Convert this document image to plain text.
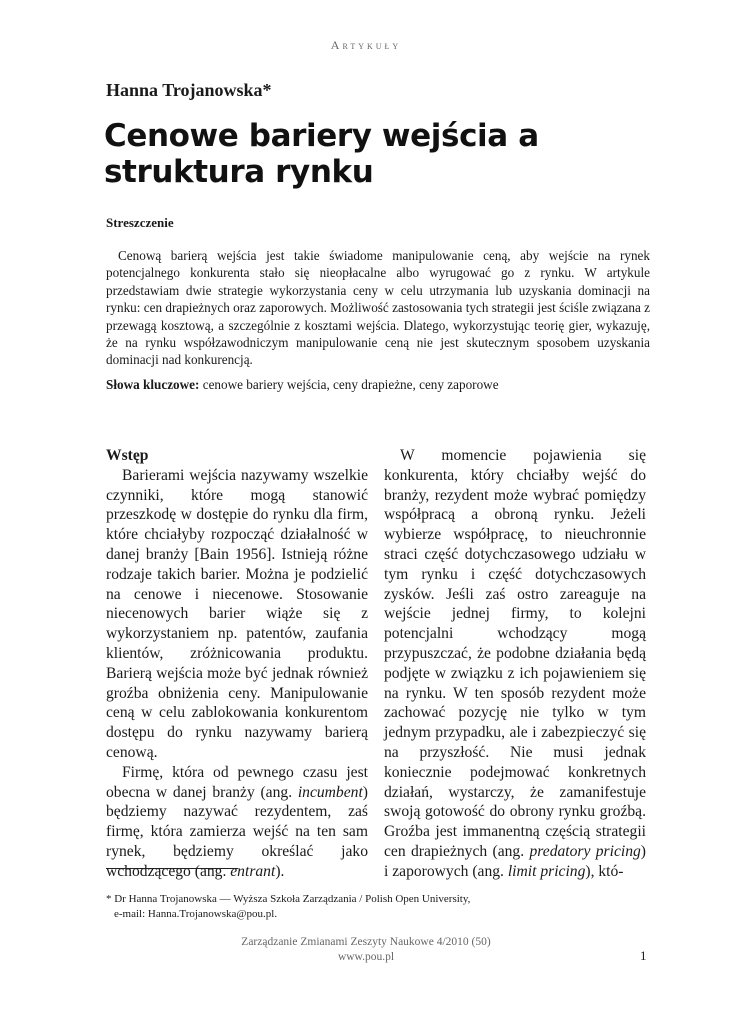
Artykuły
Hanna Trojanowska*
Cenowe bariery wejścia a struktura rynku
Streszczenie

Cenową barierą wejścia jest takie świadome manipulowanie ceną, aby wejście na rynek potencjalnego konkurenta stało się nieopłacalne albo wyrugować go z rynku. W artykule przedstawiam dwie strategie wykorzystania ceny w celu utrzymania lub uzyskania dominacji na rynku: cen drapieżnych oraz zaporowych. Możliwość zastosowania tych strategii jest ściśle związana z przewagą kosztową, a szczególnie z kosztami wejścia. Dlatego, wykorzystując teorię gier, wykazuję, że na rynku współzawodniczym manipulowanie ceną nie jest skutecznym sposobem uzyskania dominacji nad konkurencją.

Słowa kluczowe: cenowe bariery wejścia, ceny drapieżne, ceny zaporowe

Wstęp

Barierami wejścia nazywamy wszelkie czynniki, które mogą stanowić przeszkodę w dostępie do rynku dla firm, które chciałyby rozpocząć działalność w danej branży [Bain 1956]. Istnieją różne rodzaje takich barier. Można je podzielić na cenowe i niecenowe. Stosowanie niecenowych barier wiąże się z wykorzystaniem np. patentów, zaufania klientów, zróżnicowania produktu. Barierą wejścia może być jednak również groźba obniżenia ceny. Manipulowanie ceną w celu zablokowania konkurentom dostępu do rynku nazywamy barierą cenową.

Firmę, która od pewnego czasu jest obecna w danej branży (ang. incumbent) będziemy nazywać rezydentem, zaś firmę, która zamierza wejść na ten sam rynek, będziemy określać jako wchodzącego (ang. entrant).

W momencie pojawienia się konkurenta, który chciałby wejść do branży, rezydent może wybrać pomiędzy współpracą a obroną rynku. Jeżeli wybierze współpracę, to nieuchronnie straci część dotychczasowego udziału w tym rynku i część dotychczasowych zysków. Jeśli zaś ostro zareaguje na wejście jednej firmy, to kolejni potencjalni wchodzący mogą przypuszczać, że podobne działania będą podjęte w związku z ich pojawieniem się na rynku. W ten sposób rezydent może zachować pozycję nie tylko w tym jednym przypadku, ale i zabezpieczyć się na przyszłość. Nie musi jednak koniecznie podejmować konkretnych działań, wystarczy, że zamanifestuje swoją gotowość do obrony rynku groźbą. Groźba jest immanentną częścią strategii cen drapieżnych (ang. predatory pricing) i zaporowych (ang. limit pricing), któ-

* Dr Hanna Trojanowska — Wyższa Szkoła Zarządzania / Polish Open University,
e-mail: Hanna.Trojanowska@pou.pl.

Zarządzanie Zmianami Zeszyty Naukowe 4/2010 (50)
www.pou.pl	1
